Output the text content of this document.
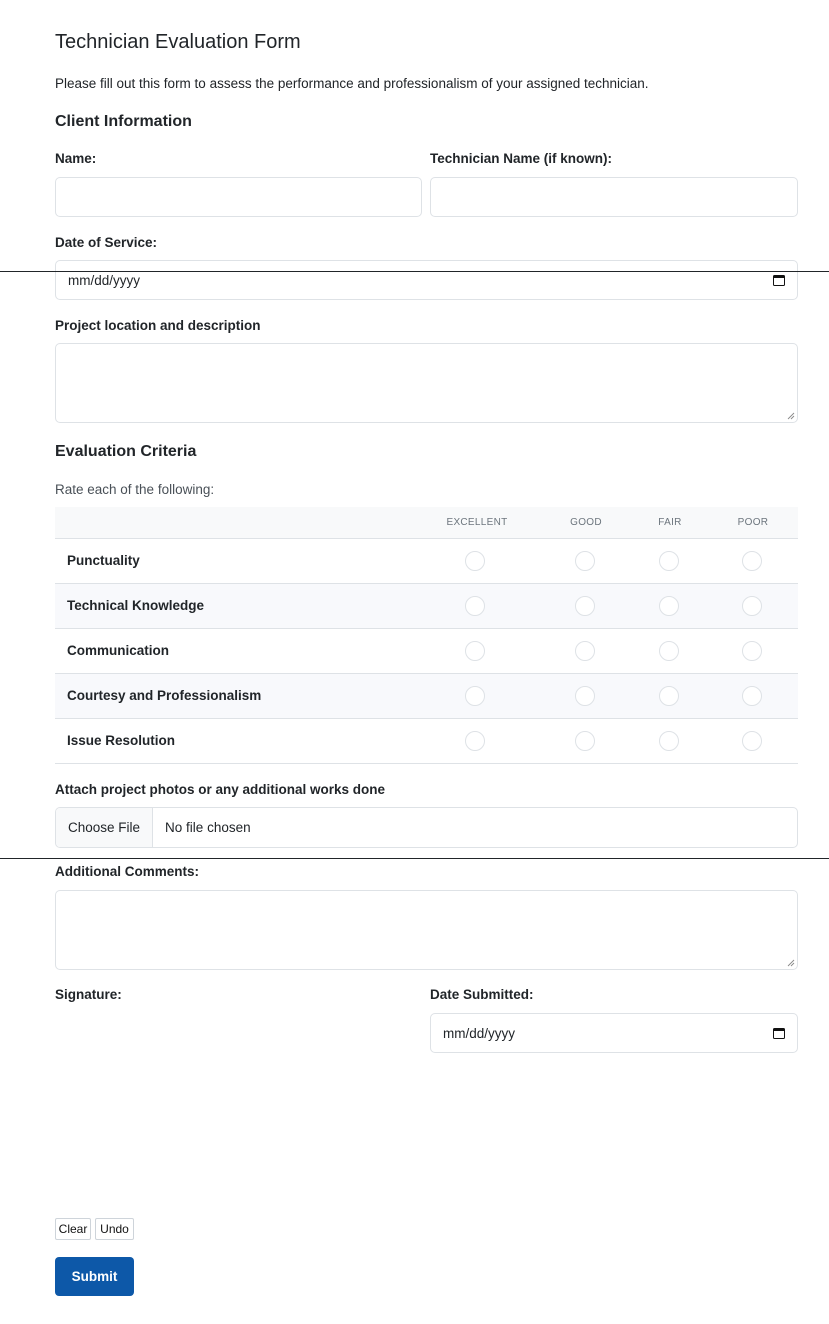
Technician Evaluation Form
Please fill out this form to assess the performance and professionalism of your assigned technician.
Client Information
Name:	Technician Name (if known):
Date of Service:
mm/dd/yyyy
Project location and description
Evaluation Criteria
Rate each of the following:
EXCELLENT	GOOD	FAIR	POOR
Punctuality
Technical Knowledge
Communication
Courtesy and Professionalism
Issue Resolution
Attach project photos or any additional works done
Choose File	No file chosen
Additional Comments:
Signature:	Date Submitted:
mm/dd/yyyy
Clear	Undo
Submit
